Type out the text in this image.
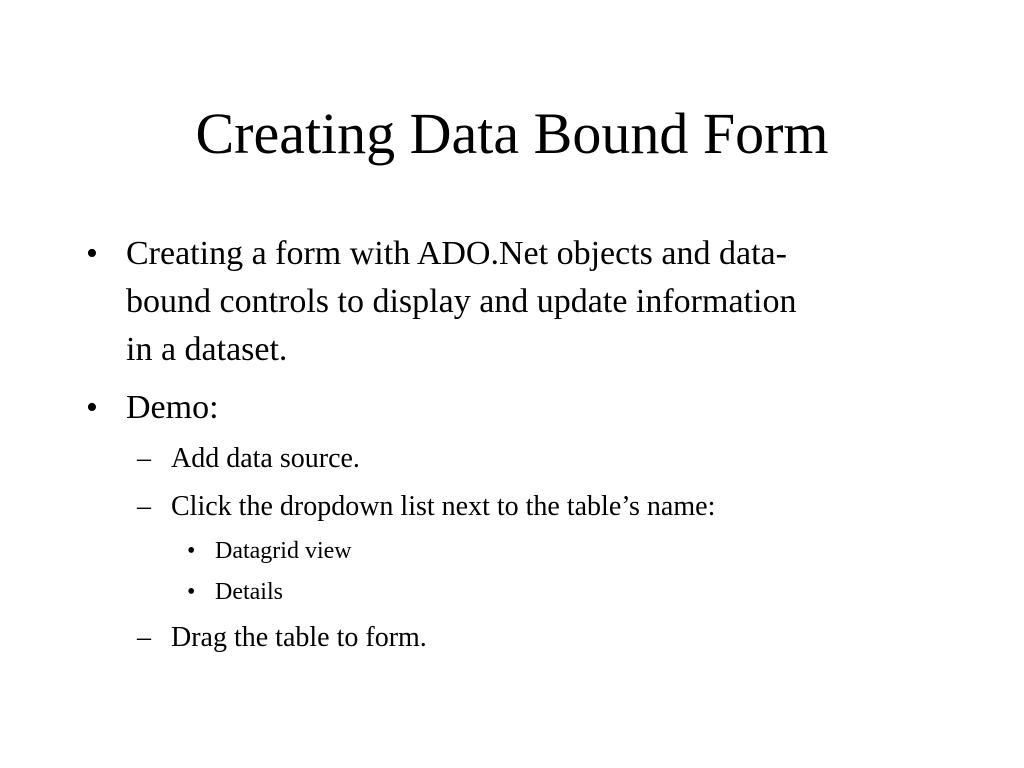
Creating Data Bound Form
• Creating a form with ADO.Net objects and data-
bound controls to display and update information
in a dataset.
• Demo:
– Add data source.
– Click the dropdown list next to the table’s name:
• Datagrid view
• Details
– Drag the table to form.
